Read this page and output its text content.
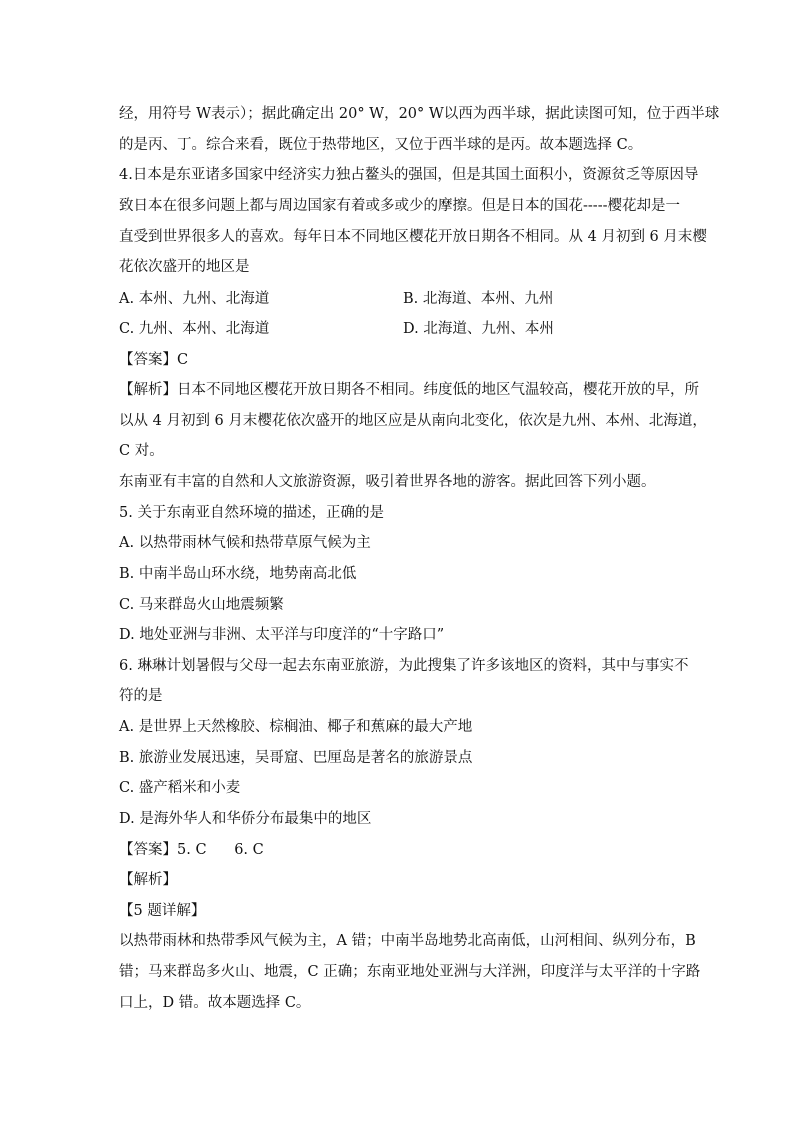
经，用符号 W表示）；据此确定出 20° W，20° W以西为西半球，据此读图可知，位于西半球
的是丙、丁。综合来看，既位于热带地区，又位于西半球的是丙。故本题选择 C。
4.日本是东亚诸多国家中经济实力独占鳌头的强国，但是其国土面积小，资源贫乏等原因导
致日本在很多问题上都与周边国家有着或多或少的摩擦。但是日本的国花-----樱花却是一
直受到世界很多人的喜欢。每年日本不同地区樱花开放日期各不相同。从 4 月初到 6 月末樱
花依次盛开的地区是
A. 本州、九州、北海道	B. 北海道、本州、九州
C. 九州、本州、北海道	D. 北海道、九州、本州
【答案】C
【解析】日本不同地区樱花开放日期各不相同。纬度低的地区气温较高，樱花开放的早，所
以从 4 月初到 6 月末樱花依次盛开的地区应是从南向北变化，依次是九州、本州、北海道，
C 对。
东南亚有丰富的自然和人文旅游资源，吸引着世界各地的游客。据此回答下列小题。
5. 关于东南亚自然环境的描述，正确的是
A. 以热带雨林气候和热带草原气候为主
B. 中南半岛山环水绕，地势南高北低
C. 马来群岛火山地震频繁
D. 地处亚洲与非洲、太平洋与印度洋的“十字路口”
6. 琳琳计划暑假与父母一起去东南亚旅游，为此搜集了许多该地区的资料，其中与事实不
符的是
A. 是世界上天然橡胶、棕榈油、椰子和蕉麻的最大产地
B. 旅游业发展迅速，吴哥窟、巴厘岛是著名的旅游景点
C. 盛产稻米和小麦
D. 是海外华人和华侨分布最集中的地区
【答案】5. C      6. C
【解析】
【5 题详解】
以热带雨林和热带季风气候为主，A 错；中南半岛地势北高南低，山河相间、纵列分布，B
错；马来群岛多火山、地震，C 正确；东南亚地处亚洲与大洋洲，印度洋与太平洋的十字路
口上，D 错。故本题选择 C。
